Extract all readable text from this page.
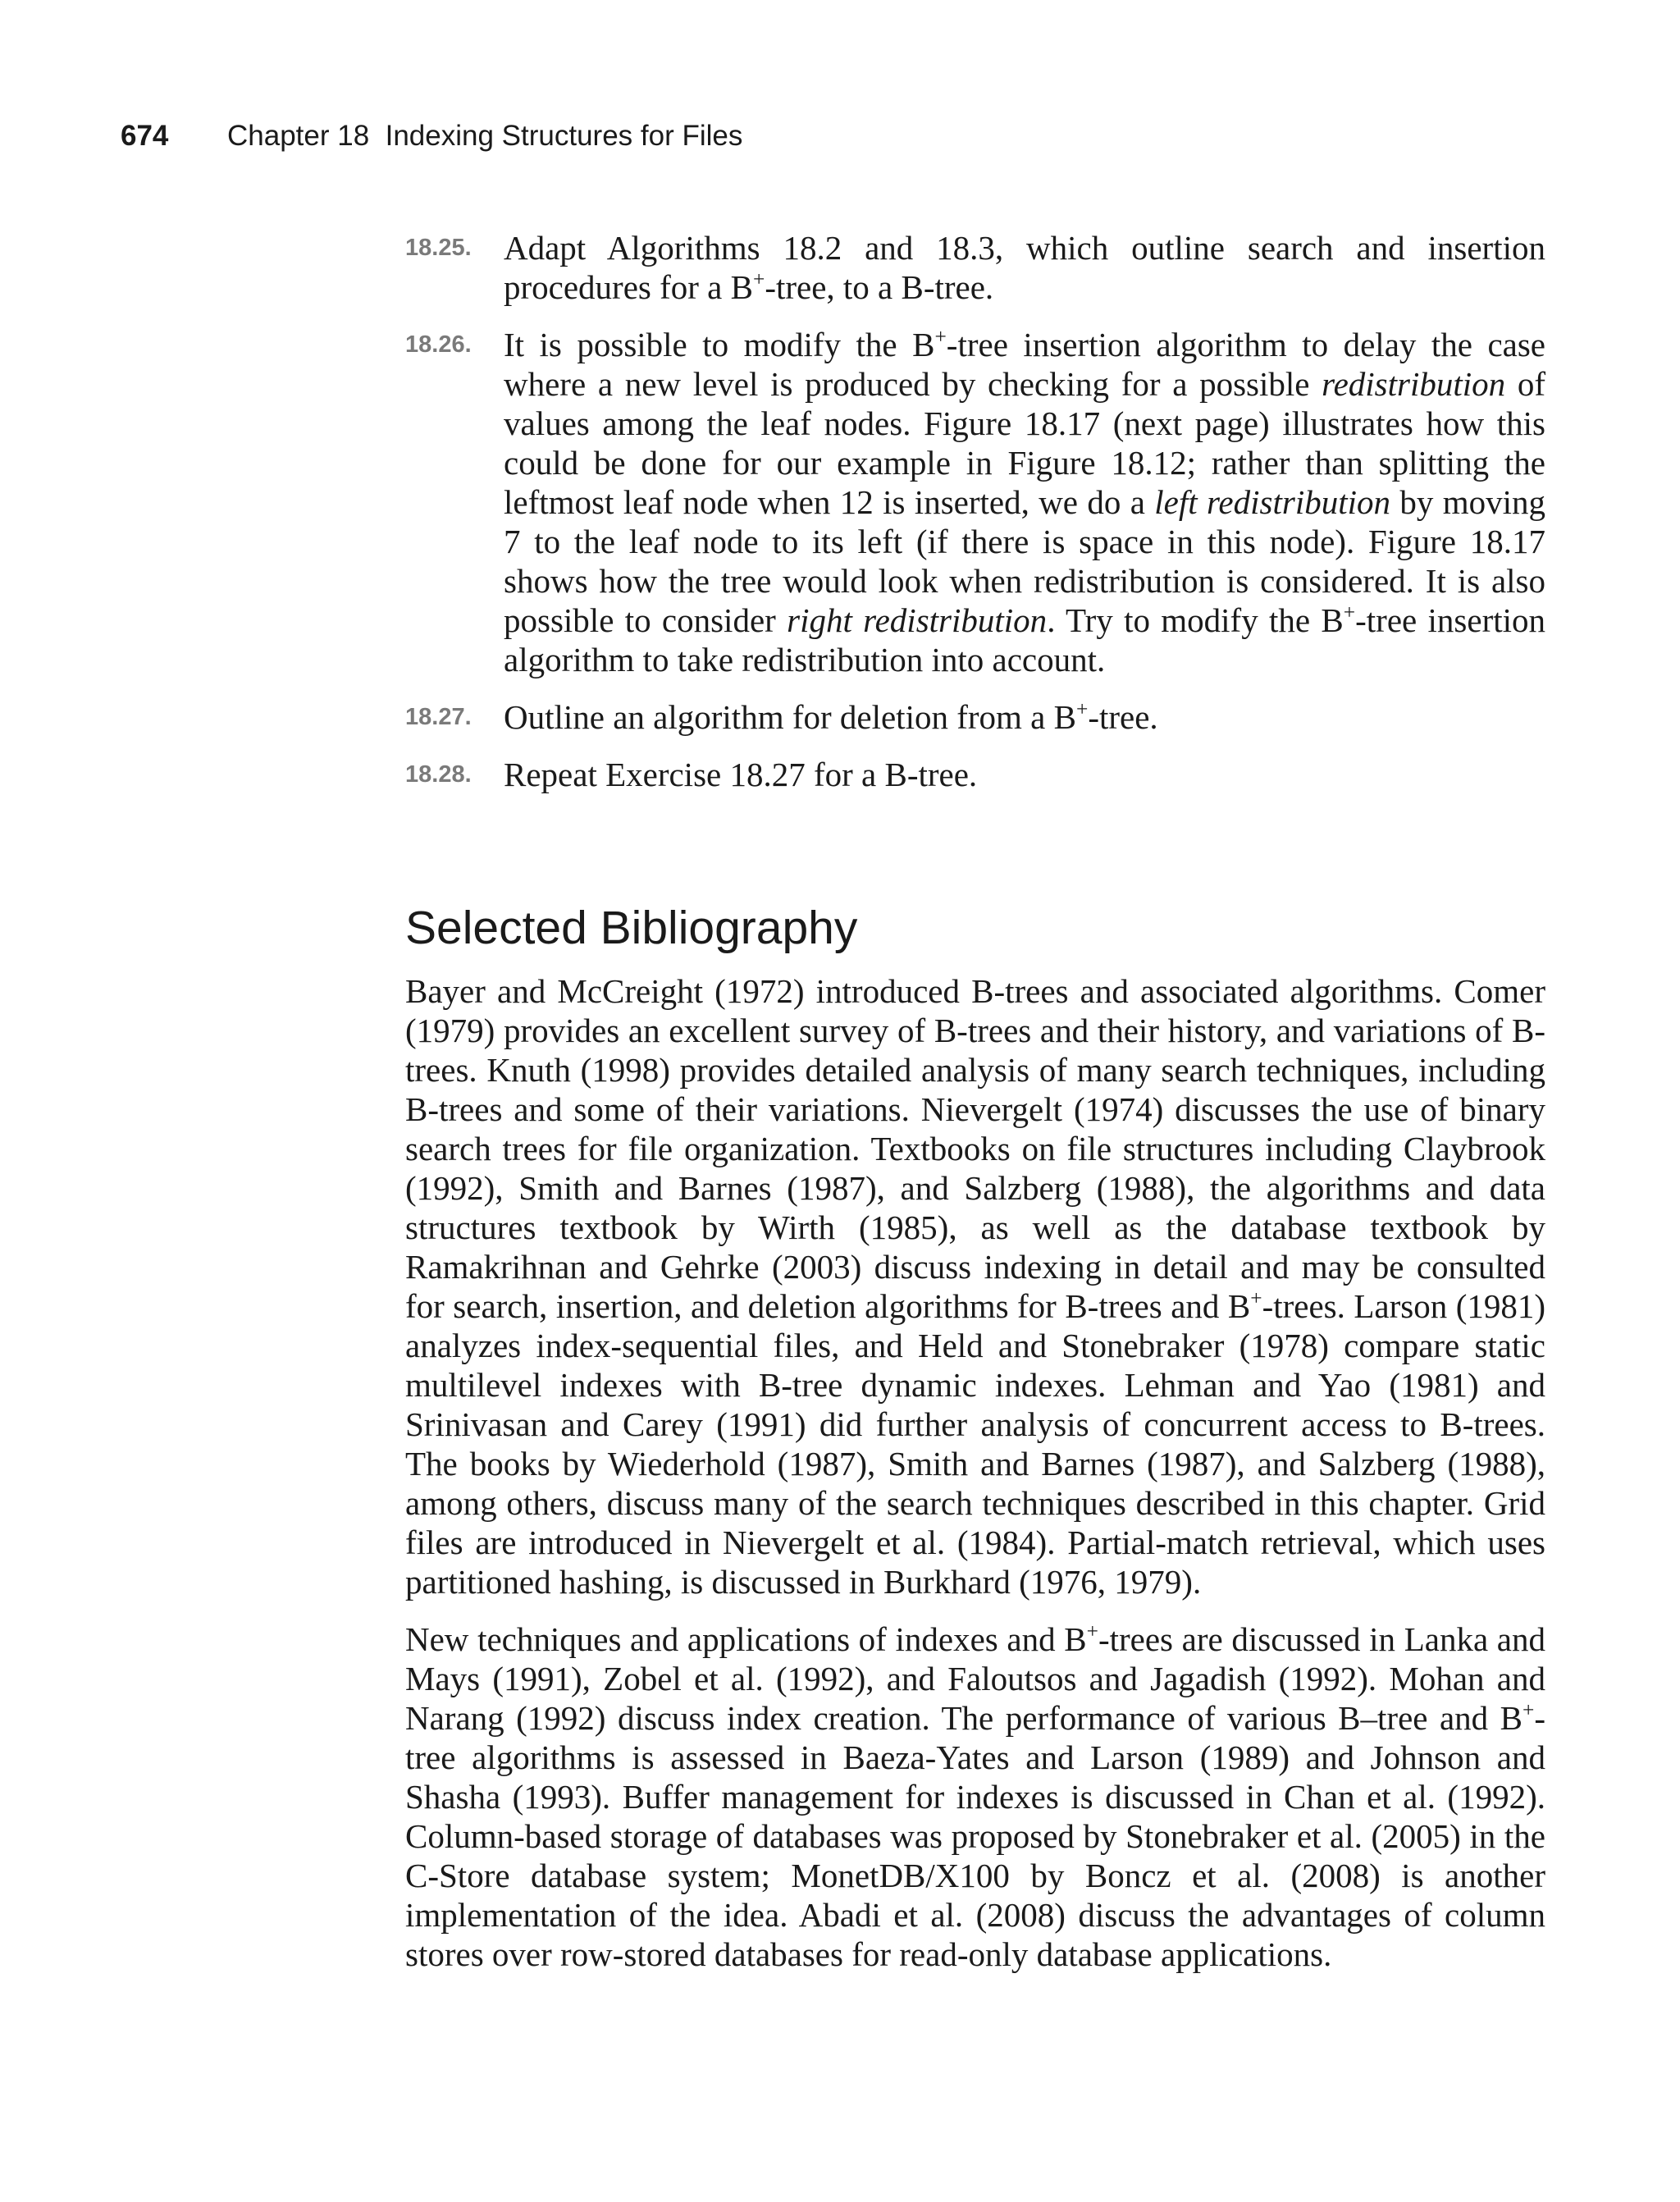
674 Chapter 18  Indexing Structures for Files
18.25. Adapt Algorithms 18.2 and 18.3, which outline search and insertion procedures for a B+-tree, to a B-tree.
18.26. It is possible to modify the B+-tree insertion algorithm to delay the case where a new level is produced by checking for a possible redistribution of values among the leaf nodes. Figure 18.17 (next page) illustrates how this could be done for our example in Figure 18.12; rather than splitting the leftmost leaf node when 12 is inserted, we do a left redistribution by moving 7 to the leaf node to its left (if there is space in this node). Figure 18.17 shows how the tree would look when redistribution is considered. It is also possible to consider right redistribution. Try to modify the B+-tree insertion algorithm to take redistribution into account.
18.27. Outline an algorithm for deletion from a B+-tree.
18.28. Repeat Exercise 18.27 for a B-tree.
Selected Bibliography

Bayer and McCreight (1972) introduced B-trees and associated algorithms. Comer (1979) provides an excellent survey of B-trees and their history, and variations of B-trees. Knuth (1998) provides detailed analysis of many search techniques, including B-trees and some of their variations. Nievergelt (1974) discusses the use of binary search trees for file organization. Textbooks on file structures including Claybrook (1992), Smith and Barnes (1987), and Salzberg (1988), the algorithms and data structures textbook by Wirth (1985), as well as the database textbook by Ramakrihnan and Gehrke (2003) discuss indexing in detail and may be consulted for search, insertion, and deletion algorithms for B-trees and B+-trees. Larson (1981) analyzes index-sequential files, and Held and Stonebraker (1978) compare static multilevel indexes with B-tree dynamic indexes. Lehman and Yao (1981) and Srinivasan and Carey (1991) did further analysis of concurrent access to B-trees. The books by Wiederhold (1987), Smith and Barnes (1987), and Salzberg (1988), among others, discuss many of the search techniques described in this chapter. Grid files are introduced in Nievergelt et al. (1984). Partial-match retrieval, which uses partitioned hashing, is discussed in Burkhard (1976, 1979).

New techniques and applications of indexes and B+-trees are discussed in Lanka and Mays (1991), Zobel et al. (1992), and Faloutsos and Jagadish (1992). Mohan and Narang (1992) discuss index creation. The performance of various B–tree and B+-tree algorithms is assessed in Baeza-Yates and Larson (1989) and Johnson and Shasha (1993). Buffer management for indexes is discussed in Chan et al. (1992). Column-based storage of databases was proposed by Stonebraker et al. (2005) in the C-Store database system; MonetDB/X100 by Boncz et al. (2008) is another implementation of the idea. Abadi et al. (2008) discuss the advantages of column stores over row-stored databases for read-only database applications.
